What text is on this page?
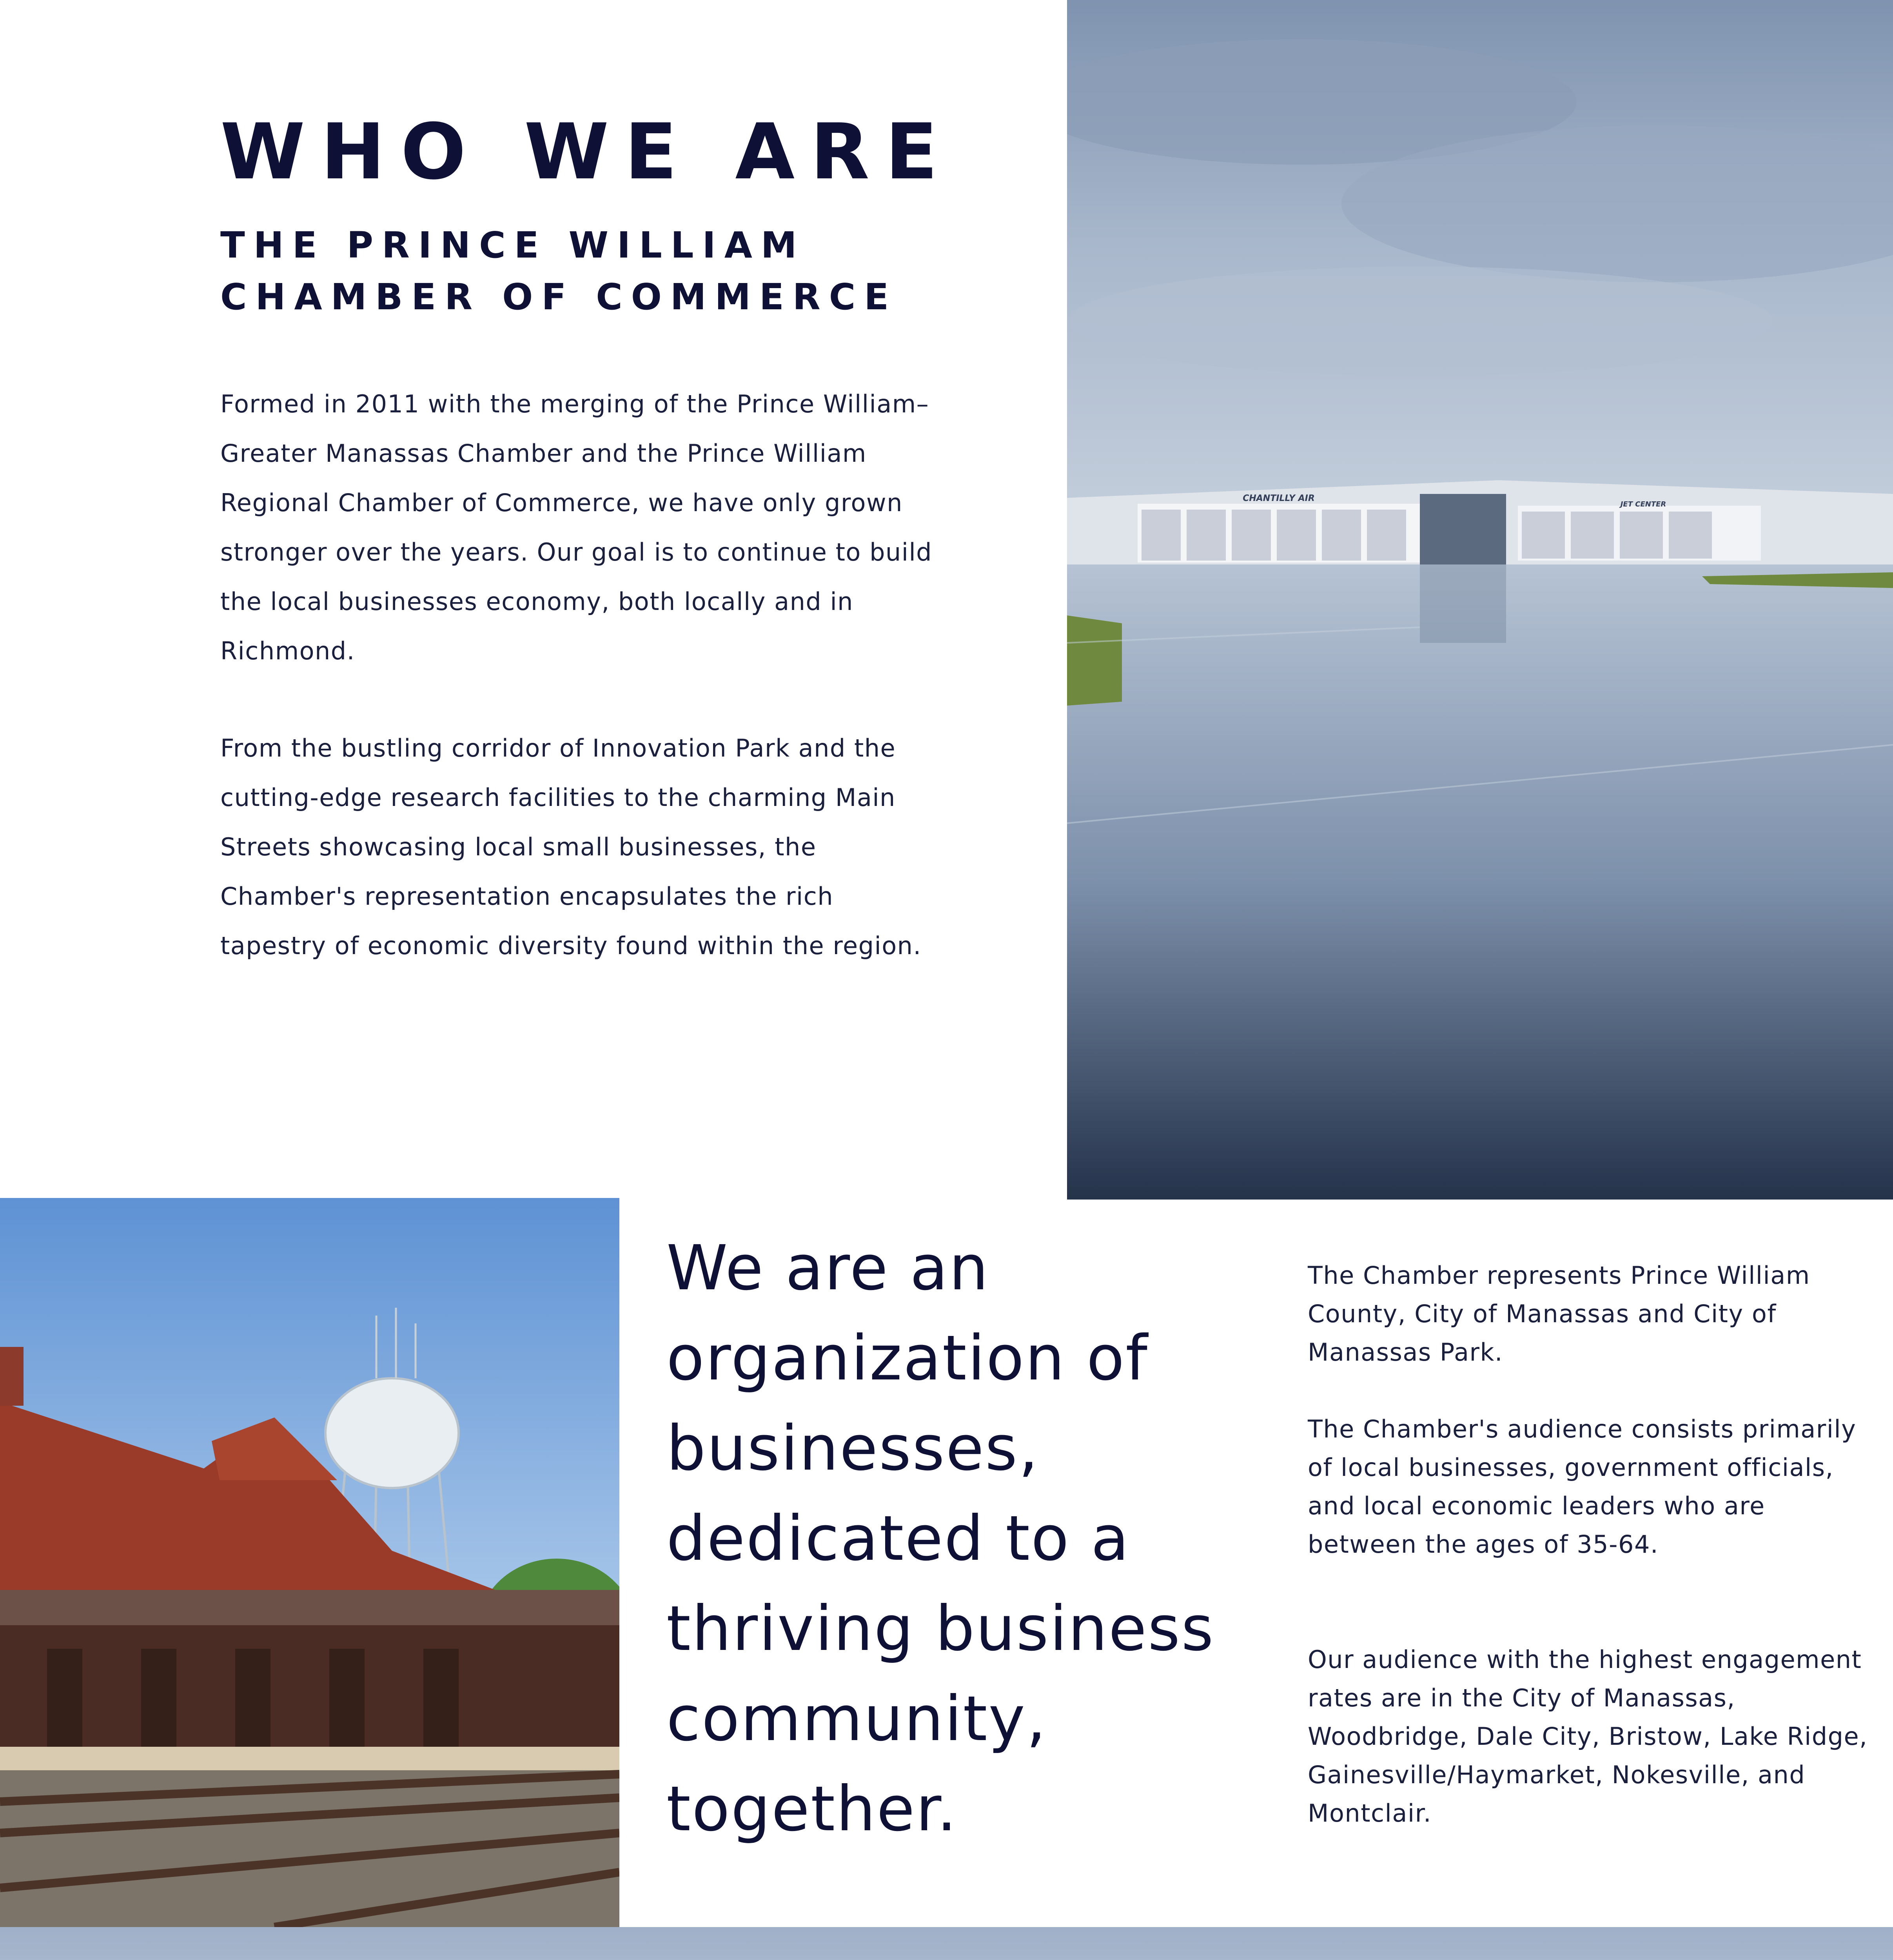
WHO WE ARE
THE PRINCE WILLIAM CHAMBER OF COMMERCE

Formed in 2011 with the merging of the Prince William–Greater Manassas Chamber and the Prince William Regional Chamber of Commerce, we have only grown stronger over the years. Our goal is to continue to build the local businesses economy, both locally and in Richmond.

From the bustling corridor of Innovation Park and the cutting-edge research facilities to the charming Main Streets showcasing local small businesses, the Chamber's representation encapsulates the rich tapestry of economic diversity found within the region.

CHANTILLY AIR
JET CENTER

We are an organization of businesses, dedicated to a thriving business community, together.

The Chamber represents Prince William County, City of Manassas and City of Manassas Park.

The Chamber's audience consists primarily of local businesses, government officials, and local economic leaders who are between the ages of 35-64.

Our audience with the highest engagement rates are in the City of Manassas, Woodbridge, Dale City, Bristow, Lake Ridge, Gainesville/Haymarket, Nokesville, and Montclair.
